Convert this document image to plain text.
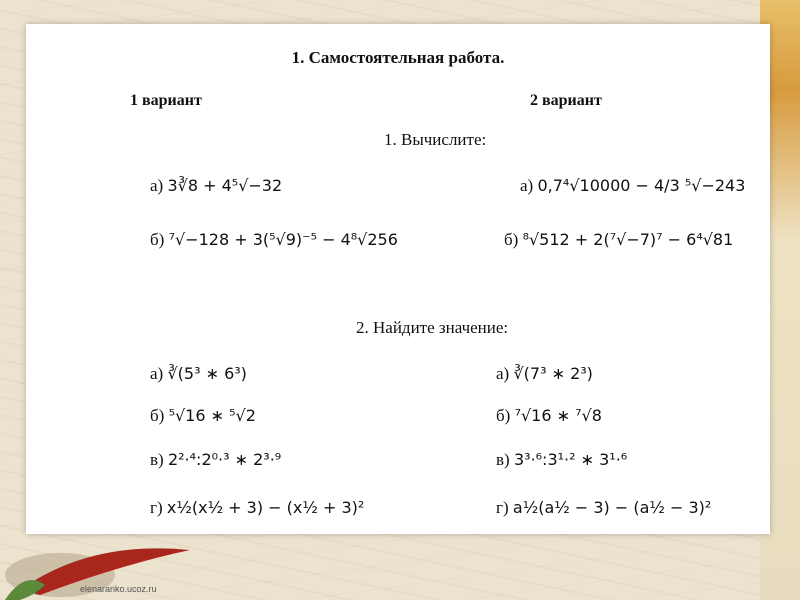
1. Самостоятельная работа.
1 вариант	2 вариант
1. Вычислите:
а) 3∛8 + 4⁵√−32
б) ⁷√−128 + 3(⁵√9)⁻⁵ − 4⁸√256
а) 0,7⁴√10000 − 4/3 ⁵√−243
б) ⁸√512 + 2(⁷√−7)⁷ − 6⁴√81
2. Найдите значение:
а) ∛(5³ ∗ 6³)
б) ⁵√16 ∗ ⁵√2
в) 2²·⁴:2⁰·³ ∗ 2³·⁹
г) x½(x½ + 3) − (x½ + 3)²
а) ∛(7³ ∗ 2³)
б) ⁷√16 ∗ ⁷√8
в) 3³·⁶:3¹·² ∗ 3¹·⁶
г) a½(a½ − 3) − (a½ − 3)²
elenaranko.ucoz.ru
